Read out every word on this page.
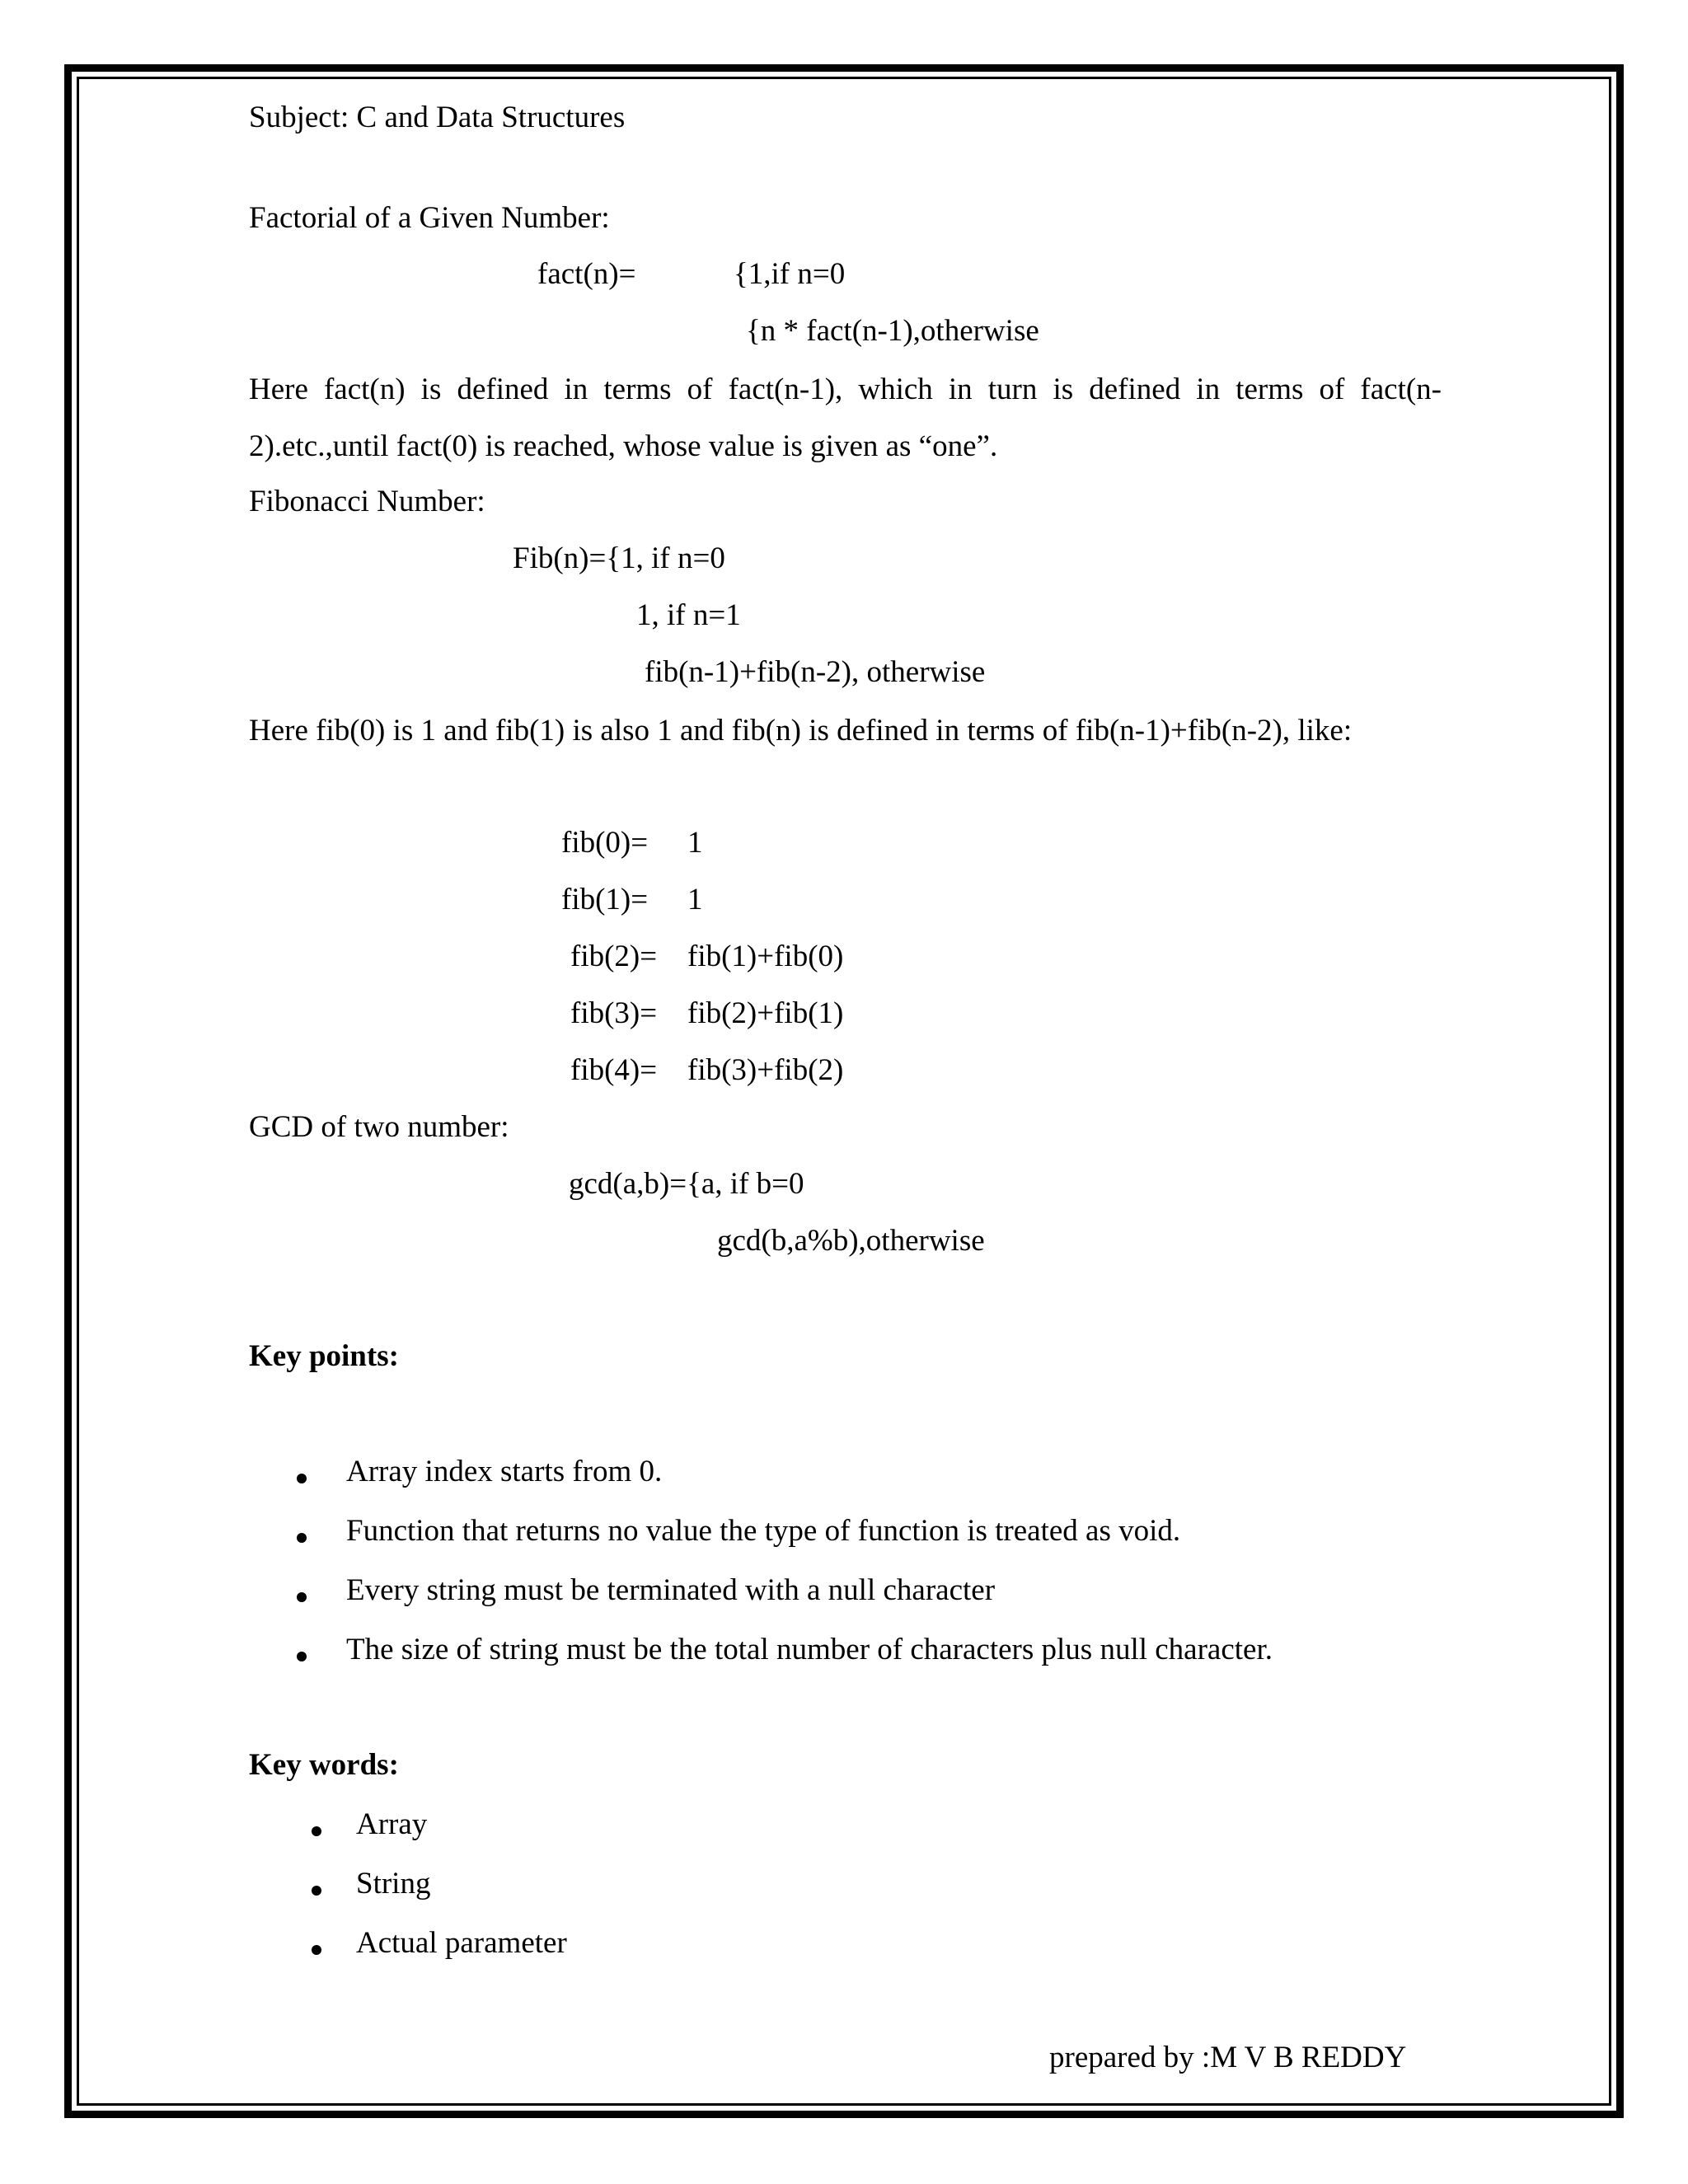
Subject: C and Data Structures
Factorial of a Given Number:
fact(n)=	{1,if n=0
{n * fact(n-1),otherwise
Here fact(n) is defined in terms of fact(n-1), which in turn is defined in terms of fact(n-2).etc.,until fact(0) is reached, whose value is given as “one”.
Fibonacci Number:
Fib(n)={1, if n=0
1, if n=1
fib(n-1)+fib(n-2), otherwise
Here fib(0) is 1 and fib(1) is also 1 and fib(n) is defined in terms of fib(n-1)+fib(n-2), like:
fib(0)= 1
fib(1)= 1
fib(2)= fib(1)+fib(0)
fib(3)= fib(2)+fib(1)
fib(4)= fib(3)+fib(2)
GCD of two number:
gcd(a,b)={a, if b=0
gcd(b,a%b),otherwise
Key points:
Array index starts from 0.
Function that returns no value the type of function is treated as void.
Every string must be terminated with a null character
The size of string must be the total number of characters plus null character.
Key words:
Array
String
Actual parameter
prepared by :M V B REDDY
